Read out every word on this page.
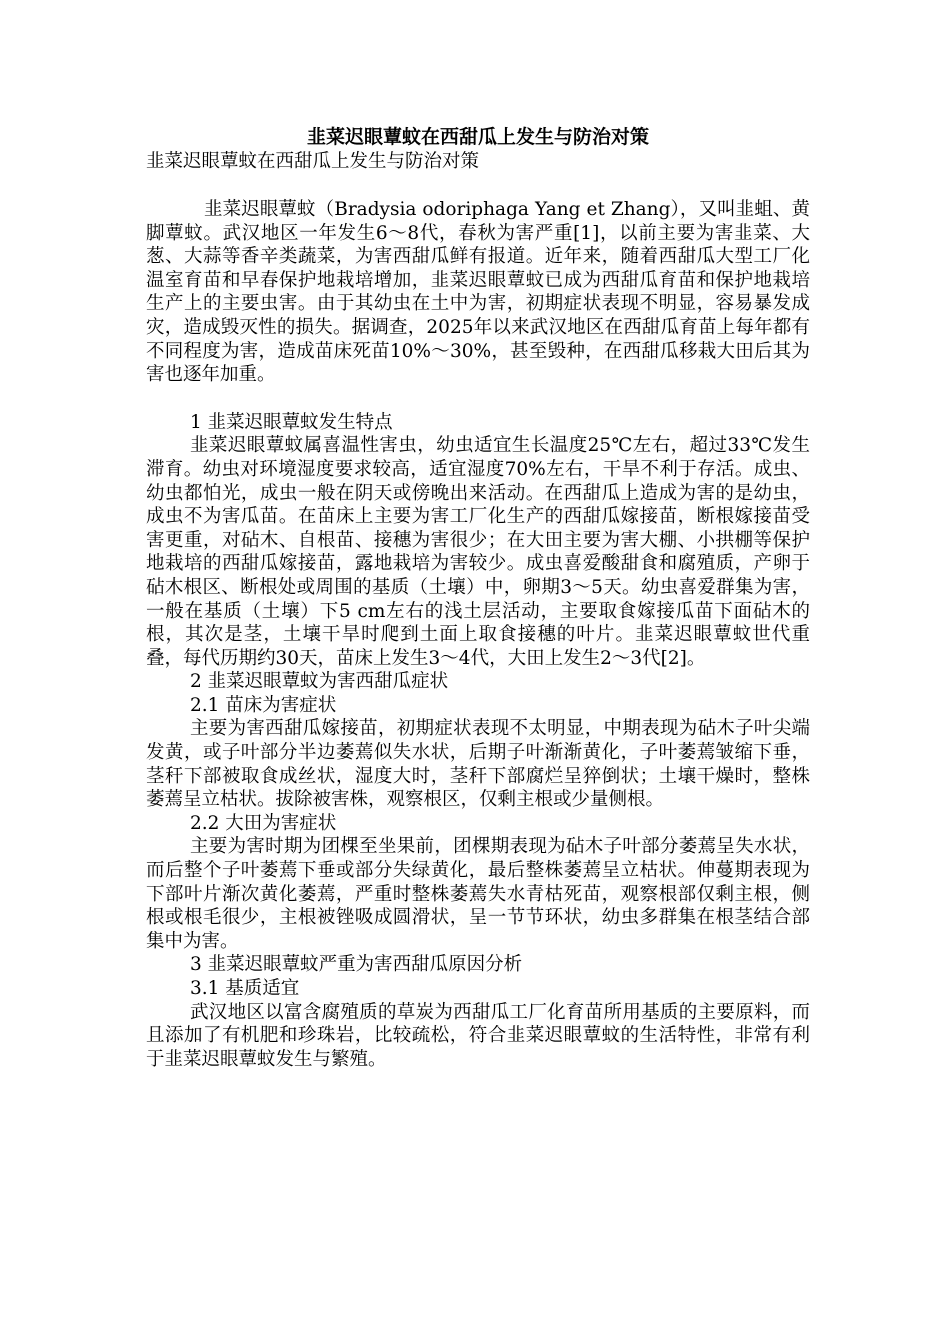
韭菜迟眼蕈蚊在西甜瓜上发生与防治对策
韭菜迟眼蕈蚊在西甜瓜上发生与防治对策

韭菜迟眼蕈蚊（Bradysia odoriphaga Yang et Zhang），又叫韭蛆、黄脚蕈蚊。武汉地区一年发生6～8代，春秋为害严重[1]，以前主要为害韭菜、大葱、大蒜等香辛类蔬菜，为害西甜瓜鲜有报道。近年来，随着西甜瓜大型工厂化温室育苗和早春保护地栽培增加，韭菜迟眼蕈蚊已成为西甜瓜育苗和保护地栽培生产上的主要虫害。由于其幼虫在土中为害，初期症状表现不明显，容易暴发成灾，造成毁灭性的损失。据调查，2025年以来武汉地区在西甜瓜育苗上每年都有不同程度为害，造成苗床死苗10%～30%，甚至毁种，在西甜瓜移栽大田后其为害也逐年加重。

1 韭菜迟眼蕈蚊发生特点

韭菜迟眼蕈蚊属喜温性害虫，幼虫适宜生长温度25℃左右，超过33℃发生滞育。幼虫对环境湿度要求较高，适宜湿度70%左右，干旱不利于存活。成虫、幼虫都怕光，成虫一般在阴天或傍晚出来活动。在西甜瓜上造成为害的是幼虫，成虫不为害瓜苗。在苗床上主要为害工厂化生产的西甜瓜嫁接苗，断根嫁接苗受害更重，对砧木、自根苗、接穗为害很少；在大田主要为害大棚、小拱棚等保护地栽培的西甜瓜嫁接苗，露地栽培为害较少。成虫喜爱酸甜食和腐殖质，产卵于砧木根区、断根处或周围的基质（土壤）中，卵期3～5天。幼虫喜爱群集为害，一般在基质（土壤）下5 cm左右的浅土层活动，主要取食嫁接瓜苗下面砧木的根，其次是茎，土壤干旱时爬到土面上取食接穗的叶片。韭菜迟眼蕈蚊世代重叠，每代历期约30天，苗床上发生3～4代，大田上发生2～3代[2]。

2 韭菜迟眼蕈蚊为害西甜瓜症状

2.1 苗床为害症状

主要为害西甜瓜嫁接苗，初期症状表现不太明显，中期表现为砧木子叶尖端发黄，或子叶部分半边萎蔫似失水状，后期子叶渐渐黄化，子叶萎蔫皱缩下垂，茎秆下部被取食成丝状，湿度大时，茎秆下部腐烂呈猝倒状；土壤干燥时，整株萎蔫呈立枯状。拔除被害株，观察根区，仅剩主根或少量侧根。

2.2 大田为害症状

主要为害时期为团棵至坐果前，团棵期表现为砧木子叶部分萎蔫呈失水状，而后整个子叶萎蔫下垂或部分失绿黄化，最后整株萎蔫呈立枯状。伸蔓期表现为下部叶片渐次黄化萎蔫，严重时整株萎蔫失水青枯死苗，观察根部仅剩主根，侧根或根毛很少，主根被锉吸成圆滑状，呈一节节环状，幼虫多群集在根茎结合部集中为害。

3 韭菜迟眼蕈蚊严重为害西甜瓜原因分析

3.1 基质适宜

武汉地区以富含腐殖质的草炭为西甜瓜工厂化育苗所用基质的主要原料，而且添加了有机肥和珍珠岩，比较疏松，符合韭菜迟眼蕈蚊的生活特性，非常有利于韭菜迟眼蕈蚊发生与繁殖。
